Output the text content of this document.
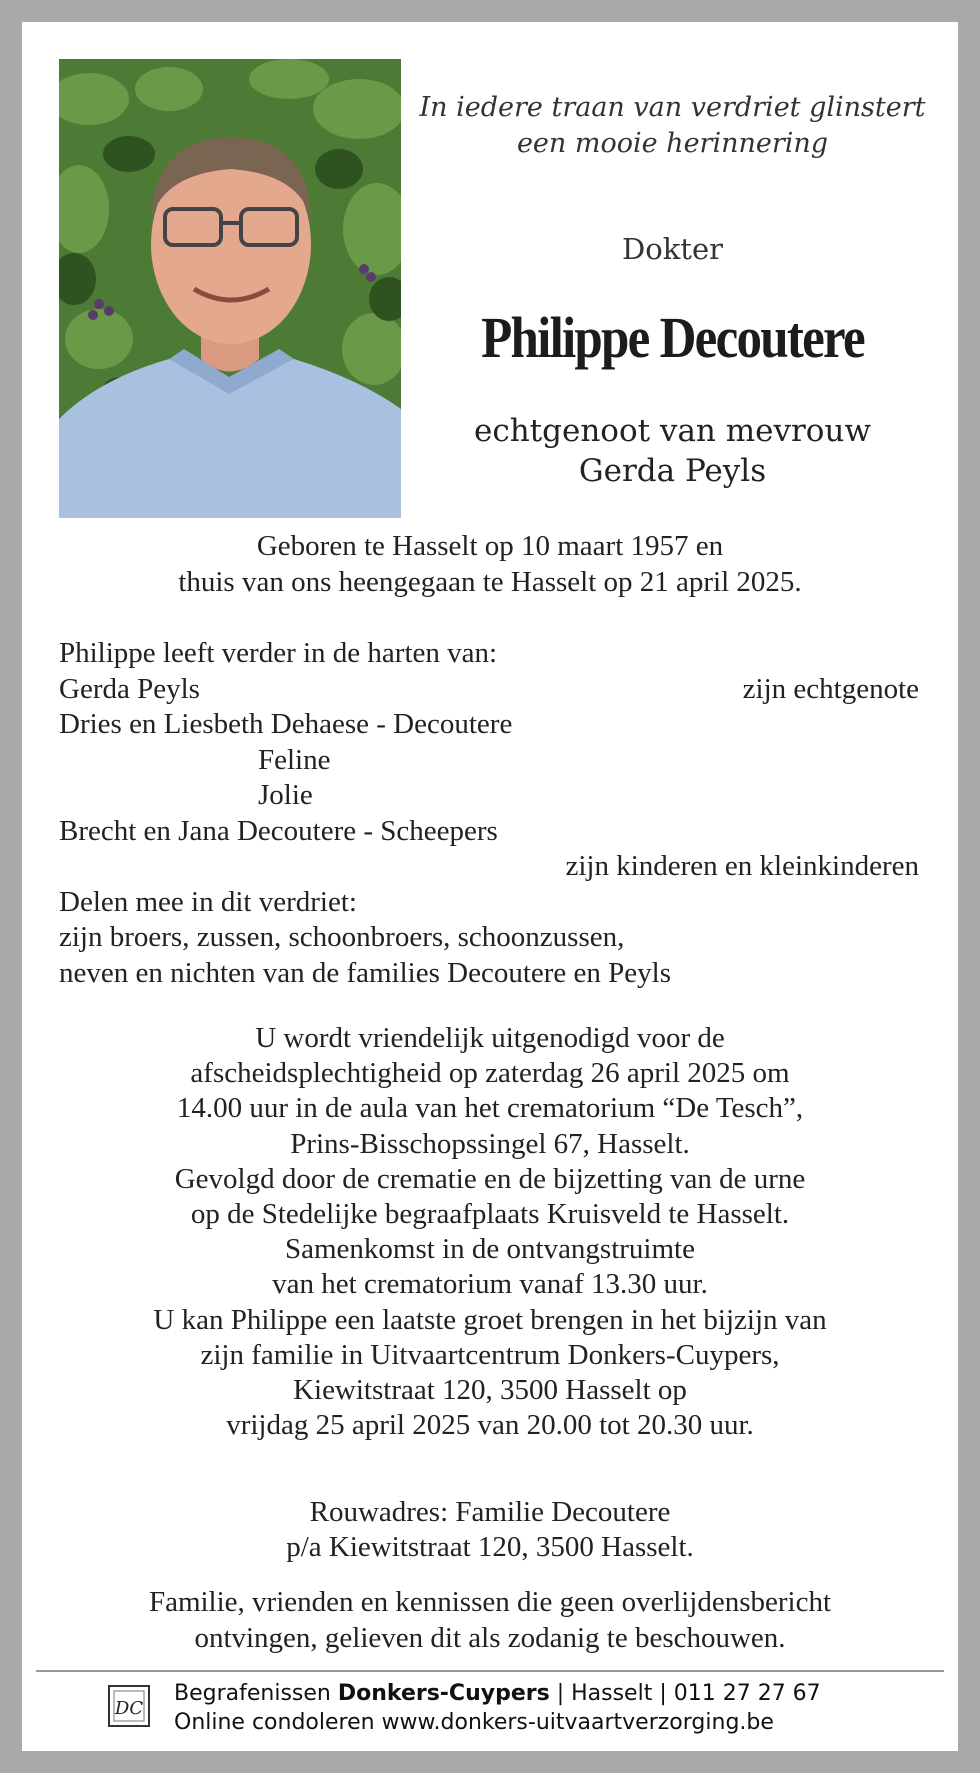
In iedere traan van verdriet glinstert
een mooie herinnering
Dokter
Philippe Decoutere
echtgenoot van mevrouw
Gerda Peyls
Geboren te Hasselt op 10 maart 1957 en
thuis van ons heengegaan te Hasselt op 21 april 2025.
Philippe leeft verder in de harten van:
Gerda Peyls	zijn echtgenote
Dries en Liesbeth Dehaese - Decoutere
Feline
Jolie
Brecht en Jana Decoutere - Scheepers
zijn kinderen en kleinkinderen
Delen mee in dit verdriet:
zijn broers, zussen, schoonbroers, schoonzussen,
neven en nichten van de families Decoutere en Peyls
U wordt vriendelijk uitgenodigd voor de
afscheidsplechtigheid op zaterdag 26 april 2025 om
14.00 uur in de aula van het crematorium “De Tesch”,
Prins-Bisschopssingel 67, Hasselt.
Gevolgd door de crematie en de bijzetting van de urne
op de Stedelijke begraafplaats Kruisveld te Hasselt.
Samenkomst in de ontvangstruimte
van het crematorium vanaf 13.30 uur.
U kan Philippe een laatste groet brengen in het bijzijn van
zijn familie in Uitvaartcentrum Donkers-Cuypers,
Kiewitstraat 120, 3500 Hasselt op
vrijdag 25 april 2025 van 20.00 tot 20.30 uur.
Rouwadres: Familie Decoutere
p/a Kiewitstraat 120, 3500 Hasselt.
Familie, vrienden en kennissen die geen overlijdensbericht
ontvingen, gelieven dit als zodanig te beschouwen.
DC
Begrafenissen Donkers-Cuypers | Hasselt | 011 27 27 67
Online condoleren www.donkers-uitvaartverzorging.be
